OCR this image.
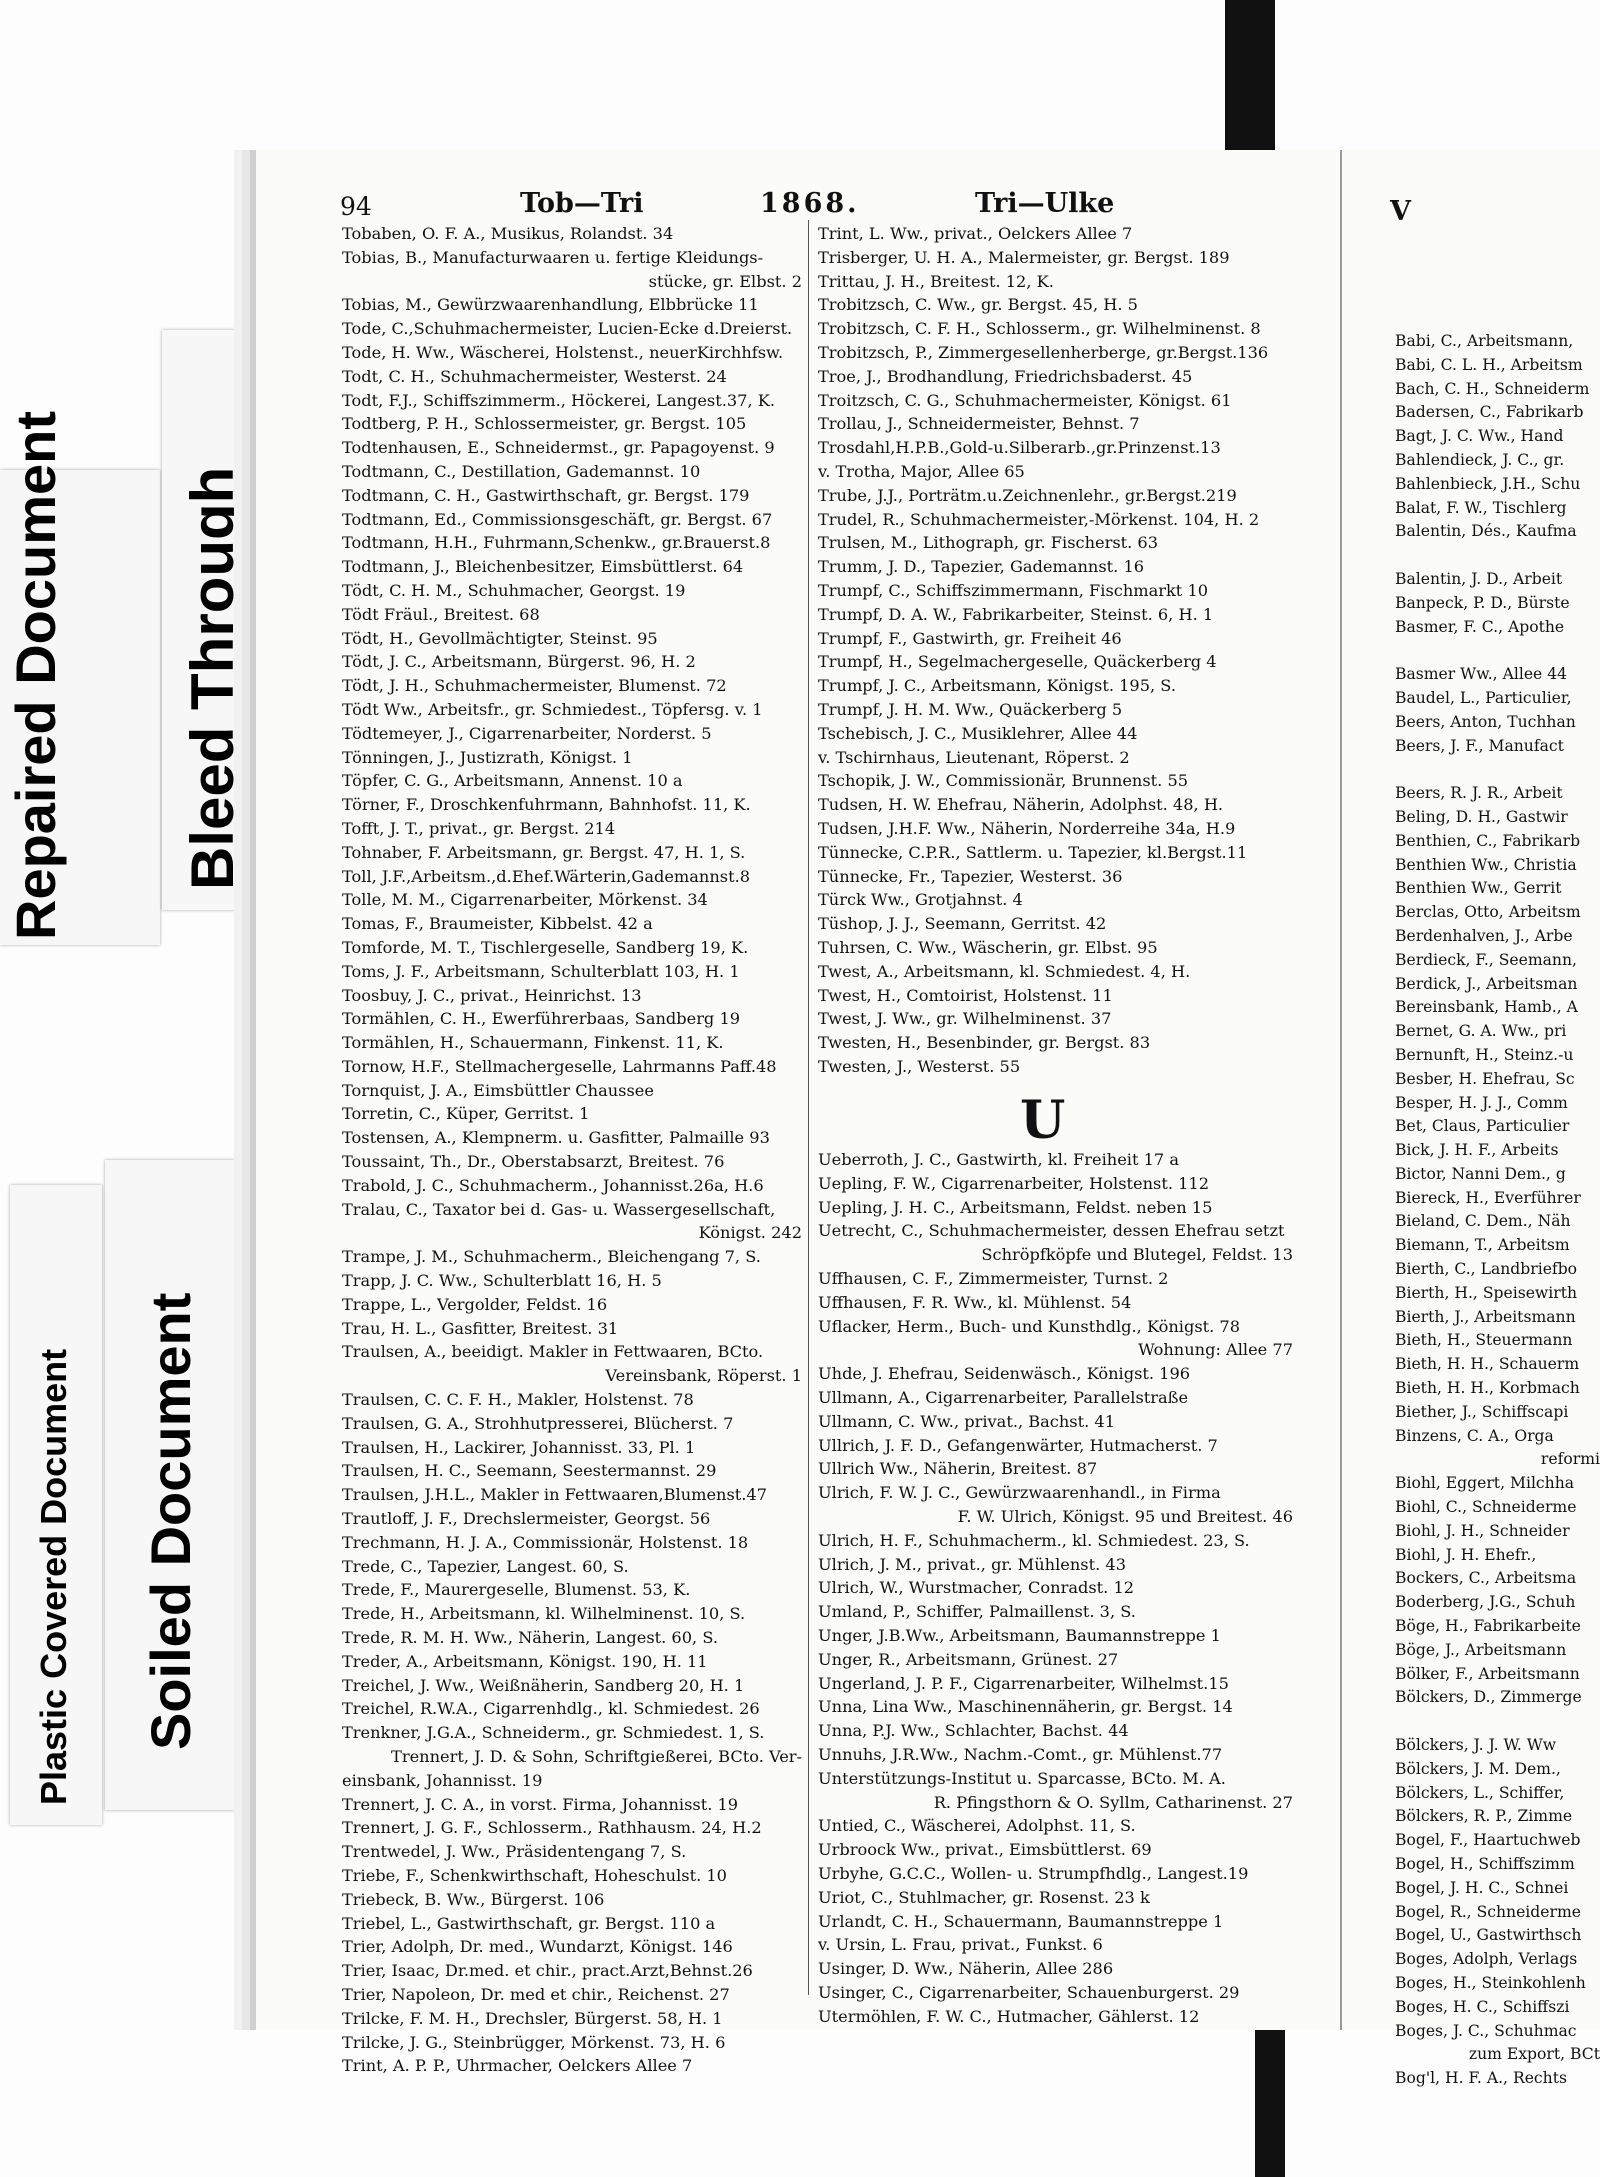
Repaired Document Bleed Through
Plastic Covered Document Soiled Document
94	Tob—Tri	1868.	Tri—Ulke	V
Tobaben, O. F. A., Musikus, Rolandst. 34
Tobias, B., Manufacturwaaren u. fertige Kleidungs-
stücke, gr. Elbst. 2
Tobias, M., Gewürzwaarenhandlung, Elbbrücke 11
Tode, C.,Schuhmachermeister, Lucien-Ecke d.Dreierst.
Tode, H. Ww., Wäscherei, Holstenst., neuerKirchhfsw.
Todt, C. H., Schuhmachermeister, Westerst. 24
Todt, F.J., Schiffszimmerm., Höckerei, Langest.37, K.
Todtberg, P. H., Schlossermeister, gr. Bergst. 105
Todtenhausen, E., Schneidermst., gr. Papagoyenst. 9
Todtmann, C., Destillation, Gademannst. 10
Todtmann, C. H., Gastwirthschaft, gr. Bergst. 179
Todtmann, Ed., Commissionsgeschäft, gr. Bergst. 67
Todtmann, H.H., Fuhrmann,Schenkw., gr.Brauerst.8
Todtmann, J., Bleichenbesitzer, Eimsbüttlerst. 64
Tödt, C. H. M., Schuhmacher, Georgst. 19
Tödt Fräul., Breitest. 68
Tödt, H., Gevollmächtigter, Steinst. 95
Tödt, J. C., Arbeitsmann, Bürgerst. 96, H. 2
Tödt, J. H., Schuhmachermeister, Blumenst. 72
Tödt Ww., Arbeitsfr., gr. Schmiedest., Töpfersg. v. 1
Tödtemeyer, J., Cigarrenarbeiter, Norderst. 5
Tönningen, J., Justizrath, Königst. 1
Töpfer, C. G., Arbeitsmann, Annenst. 10 a
Törner, F., Droschkenfuhrmann, Bahnhofst. 11, K.
Tofft, J. T., privat., gr. Bergst. 214
Tohnaber, F. Arbeitsmann, gr. Bergst. 47, H. 1, S.
Toll, J.F.,Arbeitsm.,d.Ehef.Wärterin,Gademannst.8
Tolle, M. M., Cigarrenarbeiter, Mörkenst. 34
Tomas, F., Braumeister, Kibbelst. 42 a
Tomforde, M. T., Tischlergeselle, Sandberg 19, K.
Toms, J. F., Arbeitsmann, Schulterblatt 103, H. 1
Toosbuy, J. C., privat., Heinrichst. 13
Tormählen, C. H., Ewerführerbaas, Sandberg 19
Tormählen, H., Schauermann, Finkenst. 11, K.
Tornow, H.F., Stellmachergeselle, Lahrmanns Paff.48
Tornquist, J. A., Eimsbüttler Chaussee
Torretin, C., Küper, Gerritst. 1
Tostensen, A., Klempnerm. u. Gasfitter, Palmaille 93
Toussaint, Th., Dr., Oberstabsarzt, Breitest. 76
Trabold, J. C., Schuhmacherm., Johannisst.26a, H.6
Tralau, C., Taxator bei d. Gas- u. Wassergesellschaft,
Königst. 242
Trampe, J. M., Schuhmacherm., Bleichengang 7, S.
Trapp, J. C. Ww., Schulterblatt 16, H. 5
Trappe, L., Vergolder, Feldst. 16
Trau, H. L., Gasfitter, Breitest. 31
Traulsen, A., beeidigt. Makler in Fettwaaren, BCto.
Vereinsbank, Röperst. 1
Traulsen, C. C. F. H., Makler, Holstenst. 78
Traulsen, G. A., Strohhutpresserei, Blücherst. 7
Traulsen, H., Lackirer, Johannisst. 33, Pl. 1
Traulsen, H. C., Seemann, Seestermannst. 29
Traulsen, J.H.L., Makler in Fettwaaren,Blumenst.47
Trautloff, J. F., Drechslermeister, Georgst. 56
Trechmann, H. J. A., Commissionär, Holstenst. 18
Trede, C., Tapezier, Langest. 60, S.
Trede, F., Maurergeselle, Blumenst. 53, K.
Trede, H., Arbeitsmann, kl. Wilhelminenst. 10, S.
Trede, R. M. H. Ww., Näherin, Langest. 60, S.
Treder, A., Arbeitsmann, Königst. 190, H. 11
Treichel, J. Ww., Weißnäherin, Sandberg 20, H. 1
Treichel, R.W.A., Cigarrenhdlg., kl. Schmiedest. 26
Trenkner, J.G.A., Schneiderm., gr. Schmiedest. 1, S.
Trennert, J. D. & Sohn, Schriftgießerei, BCto. Ver-
einsbank, Johannisst. 19
Trennert, J. C. A., in vorst. Firma, Johannisst. 19
Trennert, J. G. F., Schlosserm., Rathhausm. 24, H.2
Trentwedel, J. Ww., Präsidentengang 7, S.
Triebe, F., Schenkwirthschaft, Hoheschulst. 10
Triebeck, B. Ww., Bürgerst. 106
Triebel, L., Gastwirthschaft, gr. Bergst. 110 a
Trier, Adolph, Dr. med., Wundarzt, Königst. 146
Trier, Isaac, Dr.med. et chir., pract.Arzt,Behnst.26
Trier, Napoleon, Dr. med et chir., Reichenst. 27
Trilcke, F. M. H., Drechsler, Bürgerst. 58, H. 1
Trilcke, J. G., Steinbrügger, Mörkenst. 73, H. 6
Trint, A. P. P., Uhrmacher, Oelckers Allee 7
Trint, L. Ww., privat., Oelckers Allee 7
Trisberger, U. H. A., Malermeister, gr. Bergst. 189
Trittau, J. H., Breitest. 12, K.
Trobitzsch, C. Ww., gr. Bergst. 45, H. 5
Trobitzsch, C. F. H., Schlosserm., gr. Wilhelminenst. 8
Trobitzsch, P., Zimmergesellenherberge, gr.Bergst.136
Troe, J., Brodhandlung, Friedrichsbaderst. 45
Troitzsch, C. G., Schuhmachermeister, Königst. 61
Trollau, J., Schneidermeister, Behnst. 7
Trosdahl,H.P.B.,Gold-u.Silberarb.,gr.Prinzenst.13
v. Trotha, Major, Allee 65
Trube, J.J., Porträtm.u.Zeichnenlehr., gr.Bergst.219
Trudel, R., Schuhmachermeister,-Mörkenst. 104, H. 2
Trulsen, M., Lithograph, gr. Fischerst. 63
Trumm, J. D., Tapezier, Gademannst. 16
Trumpf, C., Schiffszimmermann, Fischmarkt 10
Trumpf, D. A. W., Fabrikarbeiter, Steinst. 6, H. 1
Trumpf, F., Gastwirth, gr. Freiheit 46
Trumpf, H., Segelmachergeselle, Quäckerberg 4
Trumpf, J. C., Arbeitsmann, Königst. 195, S.
Trumpf, J. H. M. Ww., Quäckerberg 5
Tschebisch, J. C., Musiklehrer, Allee 44
v. Tschirnhaus, Lieutenant, Röperst. 2
Tschopik, J. W., Commissionär, Brunnenst. 55
Tudsen, H. W. Ehefrau, Näherin, Adolphst. 48, H.
Tudsen, J.H.F. Ww., Näherin, Norderreihe 34a, H.9
Tünnecke, C.P.R., Sattlerm. u. Tapezier, kl.Bergst.11
Tünnecke, Fr., Tapezier, Westerst. 36
Türck Ww., Grotjahnst. 4
Tüshop, J. J., Seemann, Gerritst. 42
Tuhrsen, C. Ww., Wäscherin, gr. Elbst. 95
Twest, A., Arbeitsmann, kl. Schmiedest. 4, H.
Twest, H., Comtoirist, Holstenst. 11
Twest, J. Ww., gr. Wilhelminenst. 37
Twesten, H., Besenbinder, gr. Bergst. 83
Twesten, J., Westerst. 55
U
Ueberroth, J. C., Gastwirth, kl. Freiheit 17 a
Uepling, F. W., Cigarrenarbeiter, Holstenst. 112
Uepling, J. H. C., Arbeitsmann, Feldst. neben 15
Uetrecht, C., Schuhmachermeister, dessen Ehefrau setzt
Schröpfköpfe und Blutegel, Feldst. 13
Uffhausen, C. F., Zimmermeister, Turnst. 2
Uffhausen, F. R. Ww., kl. Mühlenst. 54
Uflacker, Herm., Buch- und Kunsthdlg., Königst. 78
Wohnung: Allee 77
Uhde, J. Ehefrau, Seidenwäsch., Königst. 196
Ullmann, A., Cigarrenarbeiter, Parallelstraße
Ullmann, C. Ww., privat., Bachst. 41
Ullrich, J. F. D., Gefangenwärter, Hutmacherst. 7
Ullrich Ww., Näherin, Breitest. 87
Ulrich, F. W. J. C., Gewürzwaarenhandl., in Firma
F. W. Ulrich, Königst. 95 und Breitest. 46
Ulrich, H. F., Schuhmacherm., kl. Schmiedest. 23, S.
Ulrich, J. M., privat., gr. Mühlenst. 43
Ulrich, W., Wurstmacher, Conradst. 12
Umland, P., Schiffer, Palmaillenst. 3, S.
Unger, J.B.Ww., Arbeitsmann, Baumannstreppe 1
Unger, R., Arbeitsmann, Grünest. 27
Ungerland, J. P. F., Cigarrenarbeiter, Wilhelmst.15
Unna, Lina Ww., Maschinennäherin, gr. Bergst. 14
Unna, P.J. Ww., Schlachter, Bachst. 44
Unnuhs, J.R.Ww., Nachm.-Comt., gr. Mühlenst.77
Unterstützungs-Institut u. Sparcasse, BCto. M. A.
R. Pfingsthorn & O. Syllm, Catharinenst. 27
Untied, C., Wäscherei, Adolphst. 11, S.
Urbroock Ww., privat., Eimsbüttlerst. 69
Urbyhe, G.C.C., Wollen- u. Strumpfhdlg., Langest.19
Uriot, C., Stuhlmacher, gr. Rosenst. 23 k
Urlandt, C. H., Schauermann, Baumannstreppe 1
v. Ursin, L. Frau, privat., Funkst. 6
Usinger, D. Ww., Näherin, Allee 286
Usinger, C., Cigarrenarbeiter, Schauenburgerst. 29
Utermöhlen, F. W. C., Hutmacher, Gählerst. 12
Babi, C., Arbeitsmann,
Babi, C. L. H., Arbeitsm
Bach, C. H., Schneiderm
Badersen, C., Fabrikarb
Bagt, J. C. Ww., Hand
Bahlendieck, J. C., gr.
Bahlenbieck, J.H., Schu
Balat, F. W., Tischlerg
Balentin, Dés., Kaufma
Balentin, J. D., Arbeit
Banpeck, P. D., Bürste
Basmer, F. C., Apothe
Basmer Ww., Allee 44
Baudel, L., Particulier,
Beers, Anton, Tuchhan
Beers, J. F., Manufact
Beers, R. J. R., Arbeit
Beling, D. H., Gastwir
Benthien, C., Fabrikarb
Benthien Ww., Christia
Benthien Ww., Gerrit
Berclas, Otto, Arbeitsm
Berdenhalven, J., Arbe
Berdieck, F., Seemann,
Berdick, J., Arbeitsman
Bereinsbank, Hamb., A
Bernet, G. A. Ww., pri
Bernunft, H., Steinz.-u
Besber, H. Ehefrau, Sc
Besper, H. J. J., Comm
Bet, Claus, Particulier
Bick, J. H. F., Arbeits
Bictor, Nanni Dem., g
Biereck, H., Everführer
Bieland, C. Dem., Näh
Biemann, T., Arbeitsm
Bierth, C., Landbriefbo
Bierth, H., Speisewirth
Bierth, J., Arbeitsmann
Bieth, H., Steuermann
Bieth, H. H., Schauerm
Bieth, H. H., Korbmach
Biether, J., Schiffscapi
Binzens, C. A., Orga
reformi
Biohl, Eggert, Milchha
Biohl, C., Schneiderme
Biohl, J. H., Schneider
Biohl, J. H. Ehefr.,
Bockers, C., Arbeitsma
Boderberg, J.G., Schuh
Böge, H., Fabrikarbeite
Böge, J., Arbeitsmann
Bölker, F., Arbeitsmann
Bölckers, D., Zimmerge
Bölckers, J. J. W. Ww
Bölckers, J. M. Dem.,
Bölckers, L., Schiffer,
Bölckers, R. P., Zimme
Bogel, F., Haartuchweb
Bogel, H., Schiffszimm
Bogel, J. H. C., Schnei
Bogel, R., Schneiderme
Bogel, U., Gastwirthsch
Boges, Adolph, Verlags
Boges, H., Steinkohlenh
Boges, H. C., Schiffszi
Boges, J. C., Schuhmac
zum Export, BCt
Bog'l, H. F. A., Rechts
